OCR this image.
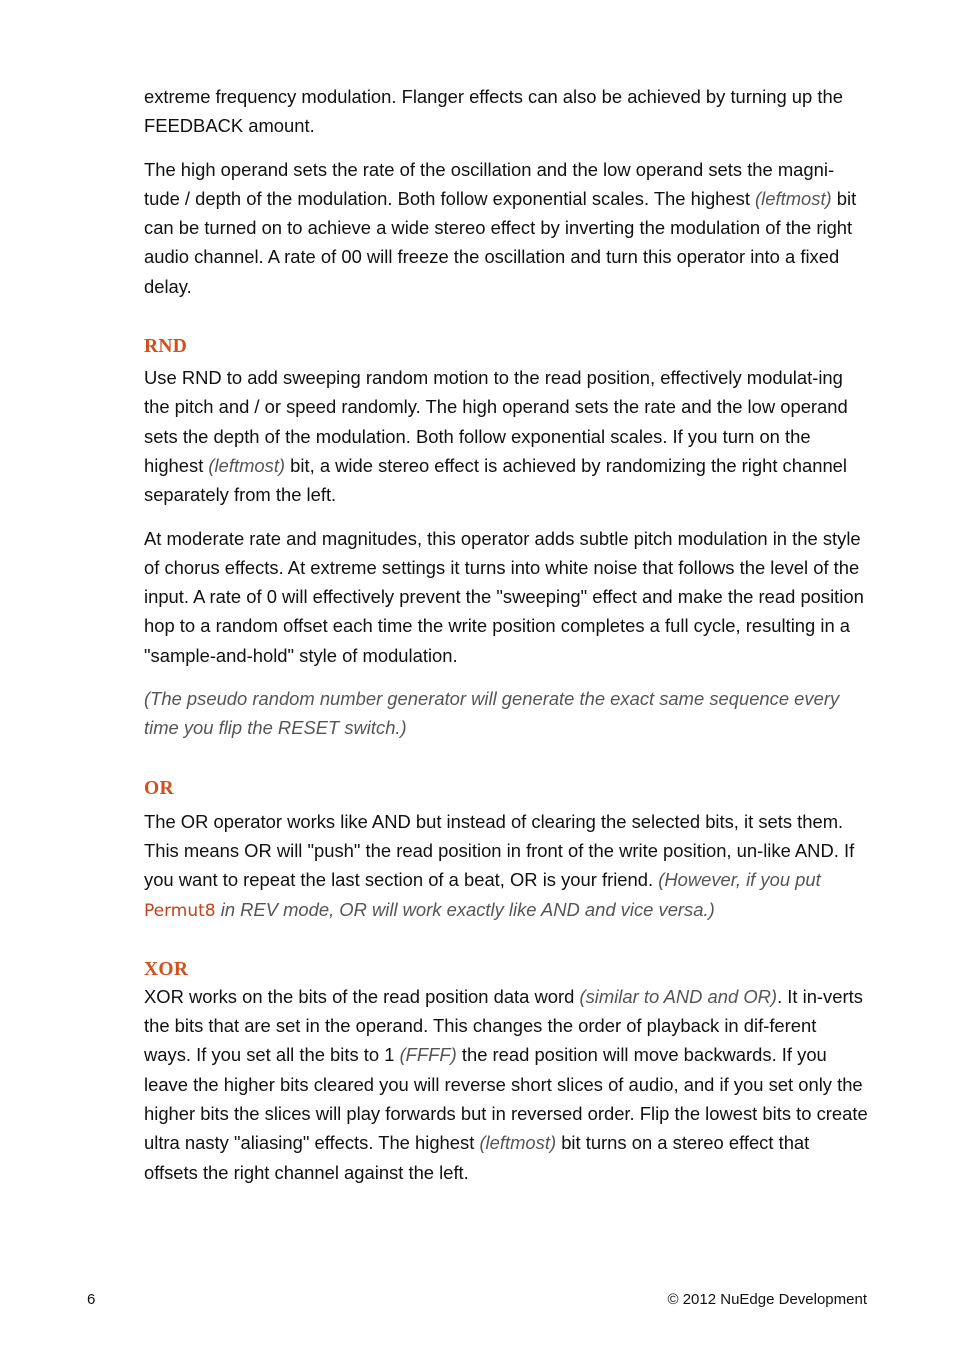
extreme frequency modulation. Flanger effects can also be achieved by turning up the FEEDBACK amount.

The high operand sets the rate of the oscillation and the low operand sets the magni-tude / depth of the modulation. Both follow exponential scales. The highest (leftmost) bit can be turned on to achieve a wide stereo effect by inverting the modulation of the right audio channel. A rate of 00 will freeze the oscillation and turn this operator into a fixed delay.

RND

Use RND to add sweeping random motion to the read position, effectively modulat-ing the pitch and / or speed randomly. The high operand sets the rate and the low operand sets the depth of the modulation. Both follow exponential scales. If you turn on the highest (leftmost) bit, a wide stereo effect is achieved by randomizing the right channel separately from the left.

At moderate rate and magnitudes, this operator adds subtle pitch modulation in the style of chorus effects. At extreme settings it turns into white noise that follows the level of the input. A rate of 0 will effectively prevent the "sweeping" effect and make the read position hop to a random offset each time the write position completes a full cycle, resulting in a "sample-and-hold" style of modulation.

(The pseudo random number generator will generate the exact same sequence every time you flip the RESET switch.)

OR

The OR operator works like AND but instead of clearing the selected bits, it sets them. This means OR will "push" the read position in front of the write position, un-like AND. If you want to repeat the last section of a beat, OR is your friend. (However, if you put Permut8 in REV mode, OR will work exactly like AND and vice versa.)

XOR

XOR works on the bits of the read position data word (similar to AND and OR). It in-verts the bits that are set in the operand. This changes the order of playback in dif-ferent ways. If you set all the bits to 1 (FFFF) the read position will move backwards. If you leave the higher bits cleared you will reverse short slices of audio, and if you set only the higher bits the slices will play forwards but in reversed order. Flip the lowest bits to create ultra nasty "aliasing" effects. The highest (leftmost) bit turns on a stereo effect that offsets the right channel against the left.

6	© 2012 NuEdge Development
